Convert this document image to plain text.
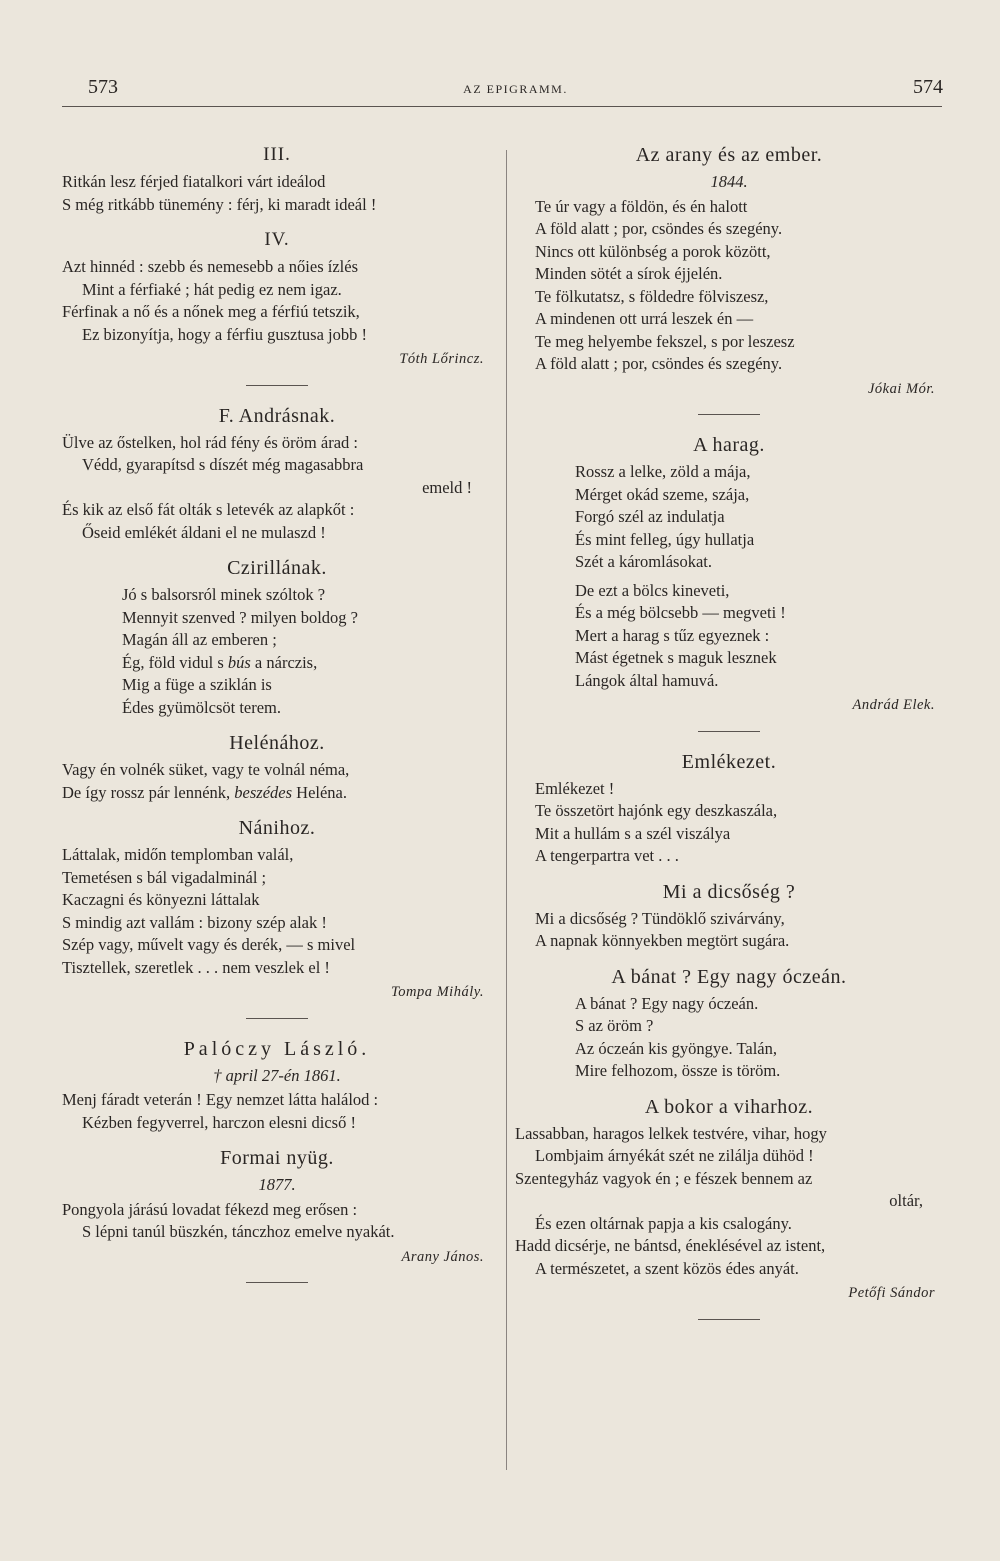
573	AZ EPIGRAMM.	574
III.
Ritkán lesz férjed fiatalkori várt ideálod
S még ritkább tünemény : férj, ki maradt ideál !
IV.
Azt hinnéd : szebb és nemesebb a nőies ízlés
Mint a férfiaké ; hát pedig ez nem igaz.
Férfinak a nő és a nőnek meg a férfiú tetszik,
Ez bizonyítja, hogy a férfiu gusztusa jobb !
Tóth Lőrincz.
F. Andrásnak.
Ülve az őstelken, hol rád fény és öröm árad :
Védd, gyarapítsd s díszét még magasabbra
emeld !
És kik az első fát olták s letevék az alapkőt :
Őseid emlékét áldani el ne mulaszd !
Czirillának.
Jó s balsorsról minek szóltok ?
Mennyit szenved ? milyen boldog ?
Magán áll az emberen ;
Ég, föld vidul s bús a nárczis,
Mig a füge a sziklán is
Édes gyümölcsöt terem.
Helénához.
Vagy én volnék süket, vagy te volnál néma,
De így rossz pár lennénk, beszédes Heléna.
Nánihoz.
Láttalak, midőn templomban valál,
Temetésen s bál vigadalminál ;
Kaczagni és könyezni láttalak
S mindig azt vallám : bizony szép alak !
Szép vagy, művelt vagy és derék, — s mivel
Tisztellek, szeretlek . . . nem veszlek el !
Tompa Mihály.
Palóczy László.
† april 27-én 1861.
Menj fáradt veterán ! Egy nemzet látta halálod :
Kézben fegyverrel, harczon elesni dicső !
Formai nyüg.
1877.
Pongyola járású lovadat fékezd meg erősen :
S lépni tanúl büszkén, tánczhoz emelve nyakát.
Arany János.
Az arany és az ember.
1844.
Te úr vagy a földön, és én halott
A föld alatt ; por, csöndes és szegény.
Nincs ott különbség a porok között,
Minden sötét a sírok éjjelén.
Te fölkutatsz, s földedre fölviszesz,
A mindenen ott urrá leszek én —
Te meg helyembe fekszel, s por leszesz
A föld alatt ; por, csöndes és szegény.
Jókai Mór.
A harag.
Rossz a lelke, zöld a mája,
Mérget okád szeme, szája,
Forgó szél az indulatja
És mint felleg, úgy hullatja
Szét a káromlásokat.
De ezt a bölcs kineveti,
És a még bölcsebb — megveti !
Mert a harag s tűz egyeznek :
Mást égetnek s maguk lesznek
Lángok által hamuvá.
Andrád Elek.
Emlékezet.
Emlékezet !
Te összetört hajónk egy deszkaszála,
Mit a hullám s a szél viszálya
A tengerpartra vet . . .
Mi a dicsőség ?
Mi a dicsőség ? Tündöklő szivárvány,
A napnak könnyekben megtört sugára.
A bánat ? Egy nagy óczeán.
A bánat ? Egy nagy óczeán.
S az öröm ?
Az óczeán kis gyöngye. Talán,
Mire felhozom, össze is töröm.
A bokor a viharhoz.
Lassabban, haragos lelkek testvére, vihar, hogy
Lombjaim árnyékát szét ne zilálja dühöd !
Szentegyház vagyok én ; e fészek bennem az
oltár,
És ezen oltárnak papja a kis csalogány.
Hadd dicsérje, ne bántsd, éneklésével az istent,
A természetet, a szent közös édes anyát.
Petőfi Sándor
